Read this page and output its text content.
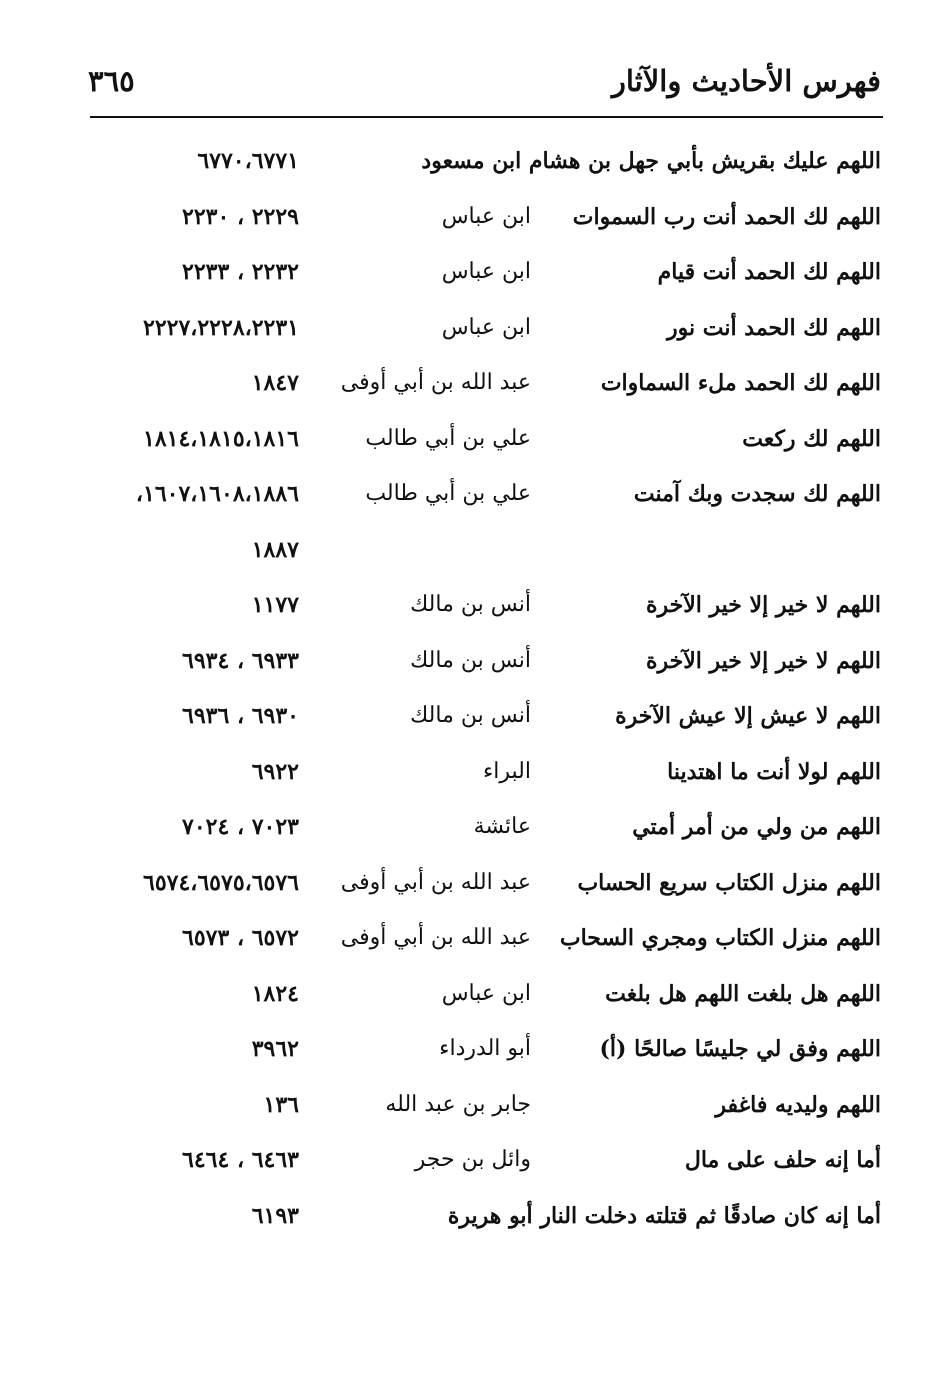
فهرس الأحاديث والآثار
٣٦٥
اللهم عليك بقريش بأبي جهل بن هشام ابن مسعود
٦٧٧٠،٦٧٧١
اللهم لك الحمد أنت رب السموات
ابن عباس
٢٢٢٩ ، ٢٢٣٠
اللهم لك الحمد أنت قيام
ابن عباس
٢٢٣٢ ، ٢٢٣٣
اللهم لك الحمد أنت نور
ابن عباس
٢٢٢٧،٢٢٢٨،٢٢٣١
اللهم لك الحمد ملء السماوات
عبد الله بن أبي أوفى
١٨٤٧
اللهم لك ركعت
علي بن أبي طالب
١٨١٤،١٨١٥،١٨١٦
اللهم لك سجدت وبك آمنت
علي بن أبي طالب
١٦٠٧،١٦٠٨،١٨٨٦،
١٨٨٧
اللهم لا خير إلا خير الآخرة
أنس بن مالك
١١٧٧
اللهم لا خير إلا خير الآخرة
أنس بن مالك
٦٩٣٣ ، ٦٩٣٤
اللهم لا عيش إلا عيش الآخرة
أنس بن مالك
٦٩٣٠ ، ٦٩٣٦
اللهم لولا أنت ما اهتدينا
البراء
٦٩٢٢
اللهم من ولي من أمر أمتي
عائشة
٧٠٢٣ ، ٧٠٢٤
اللهم منزل الكتاب سريع الحساب
عبد الله بن أبي أوفى
٦٥٧٤،٦٥٧٥،٦٥٧٦
اللهم منزل الكتاب ومجري السحاب
عبد الله بن أبي أوفى
٦٥٧٢ ، ٦٥٧٣
اللهم هل بلغت اللهم هل بلغت
ابن عباس
١٨٢٤
اللهم وفق لي جليسًا صالحًا (أ)
أبو الدرداء
٣٩٦٢
اللهم وليديه فاغفر
جابر بن عبد الله
١٣٦
أما إنه حلف على مال
وائل بن حجر
٦٤٦٣ ، ٦٤٦٤
أما إنه كان صادقًا ثم قتلته دخلت النار أبو هريرة
٦١٩٣
